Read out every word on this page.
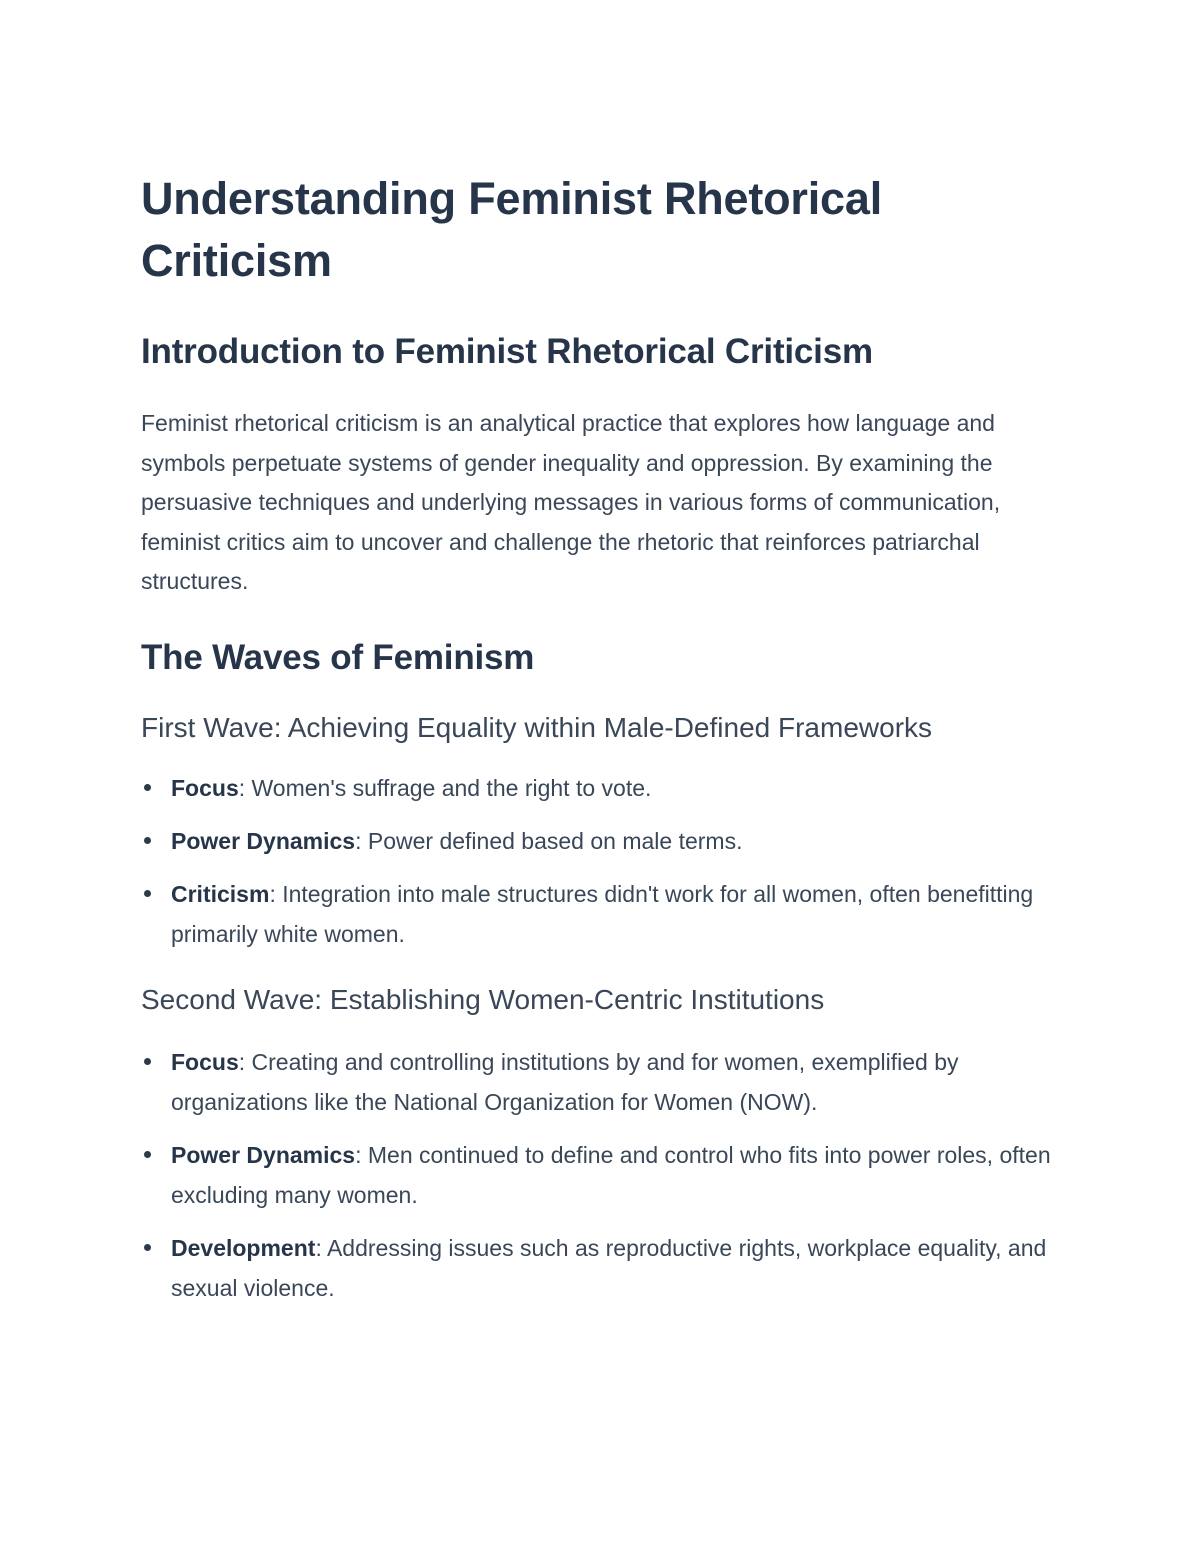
Understanding Feminist Rhetorical Criticism
Introduction to Feminist Rhetorical Criticism

Feminist rhetorical criticism is an analytical practice that explores how language and symbols perpetuate systems of gender inequality and oppression. By examining the persuasive techniques and underlying messages in various forms of communication, feminist critics aim to uncover and challenge the rhetoric that reinforces patriarchal structures.

The Waves of Feminism
First Wave: Achieving Equality within Male-Defined Frameworks
Focus: Women's suffrage and the right to vote.
Power Dynamics: Power defined based on male terms.
Criticism: Integration into male structures didn't work for all women, often benefitting primarily white women.
Second Wave: Establishing Women-Centric Institutions
Focus: Creating and controlling institutions by and for women, exemplified by organizations like the National Organization for Women (NOW).
Power Dynamics: Men continued to define and control who fits into power roles, often excluding many women.
Development: Addressing issues such as reproductive rights, workplace equality, and sexual violence.
